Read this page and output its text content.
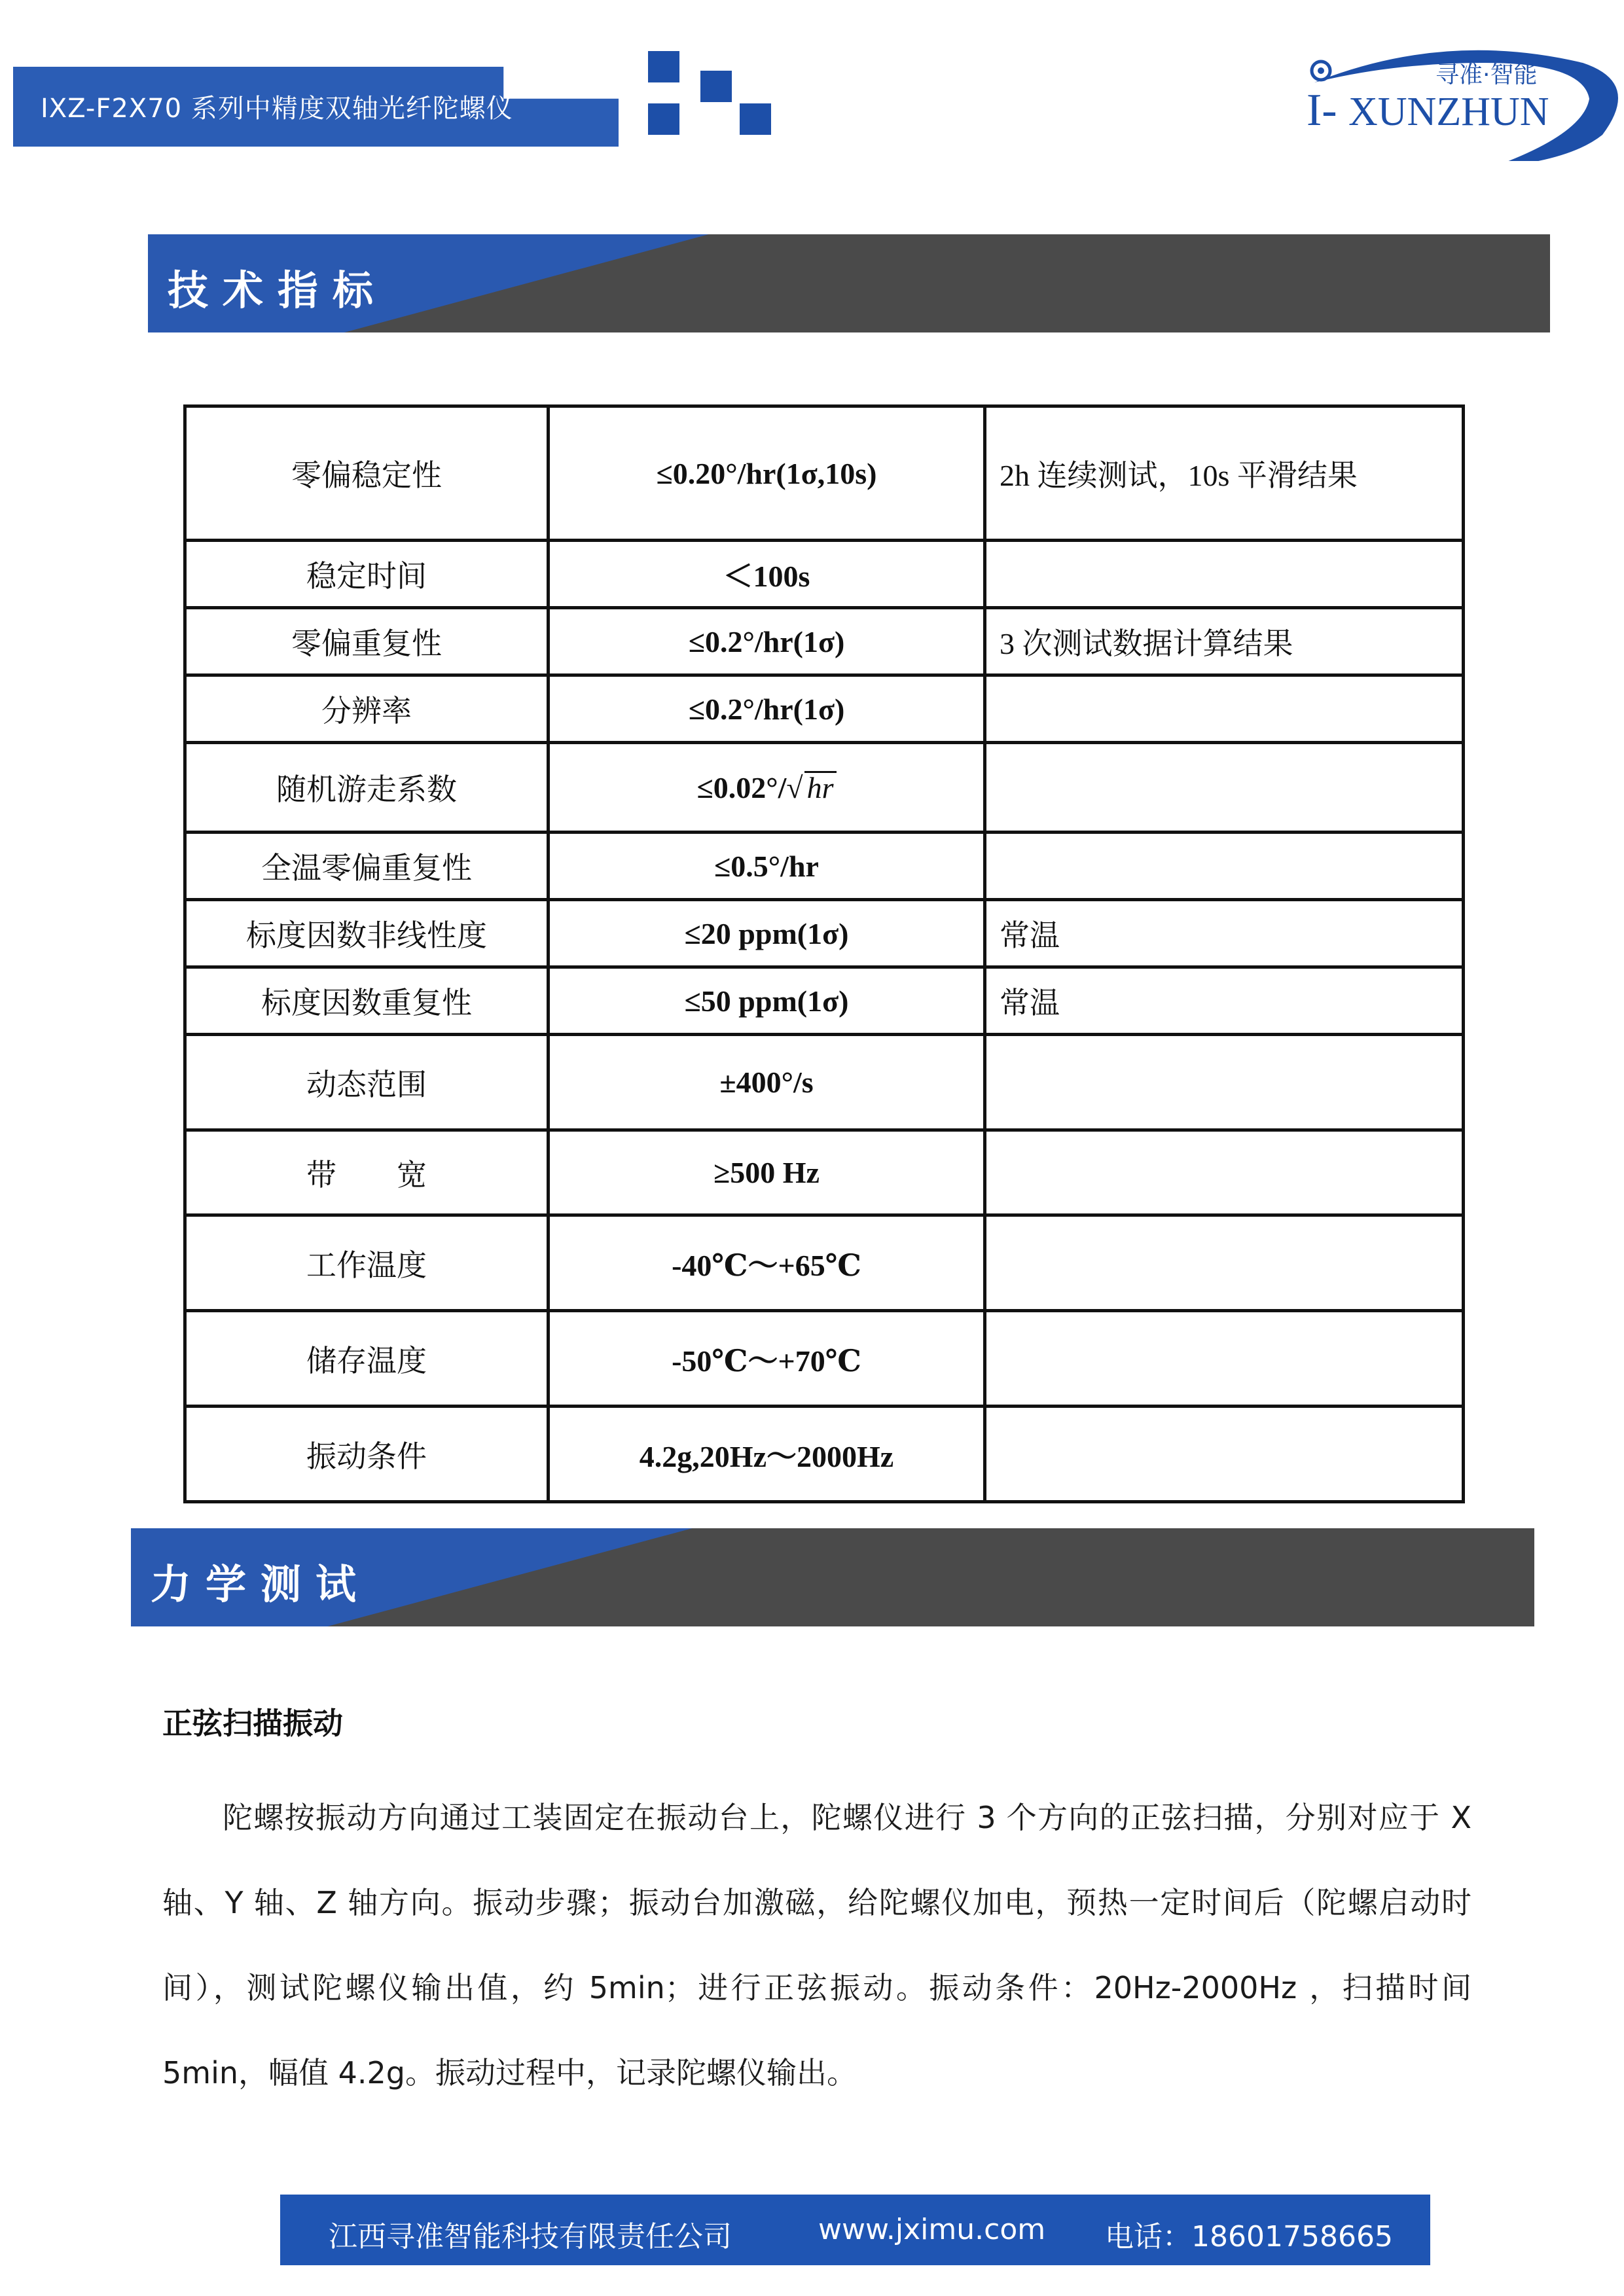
IXZ-F2X70 系列中精度双轴光纤陀螺仪
寻准·智能
I- XUNZHUN
技术指标
零偏稳定性	≤0.20°/hr(1σ,10s)	2h 连续测试，10s 平滑结果
稳定时间	＜100s	
零偏重复性	≤0.2°/hr(1σ)	3 次测试数据计算结果
分辨率	≤0.2°/hr(1σ)	
随机游走系数	≤0.02°/√ hr	
全温零偏重复性	≤0.5°/hr	
标度因数非线性度	≤20 ppm(1σ)	常温
标度因数重复性	≤50 ppm(1σ)	常温
动态范围	±400°/s	
带　　宽	≥500 Hz	
工作温度	-40℃～+65℃	
储存温度	-50℃～+70℃	
振动条件	4.2g,20Hz～2000Hz	
力学测试
正弦扫描振动

陀螺按振动方向通过工装固定在振动台上，陀螺仪进行 3 个方向的正弦扫描，分别对应于 X 轴、Y 轴、Z 轴方向。振动步骤；振动台加激磁，给陀螺仪加电，预热一定时间后（陀螺启动时间），测试陀螺仪输出值，约 5min；进行正弦振动。振动条件：20Hz-2000Hz ，扫描时间 5min，幅值 4.2g。振动过程中，记录陀螺仪输出。

江西寻准智能科技有限责任公司	www.jximu.com 电话：18601758665
